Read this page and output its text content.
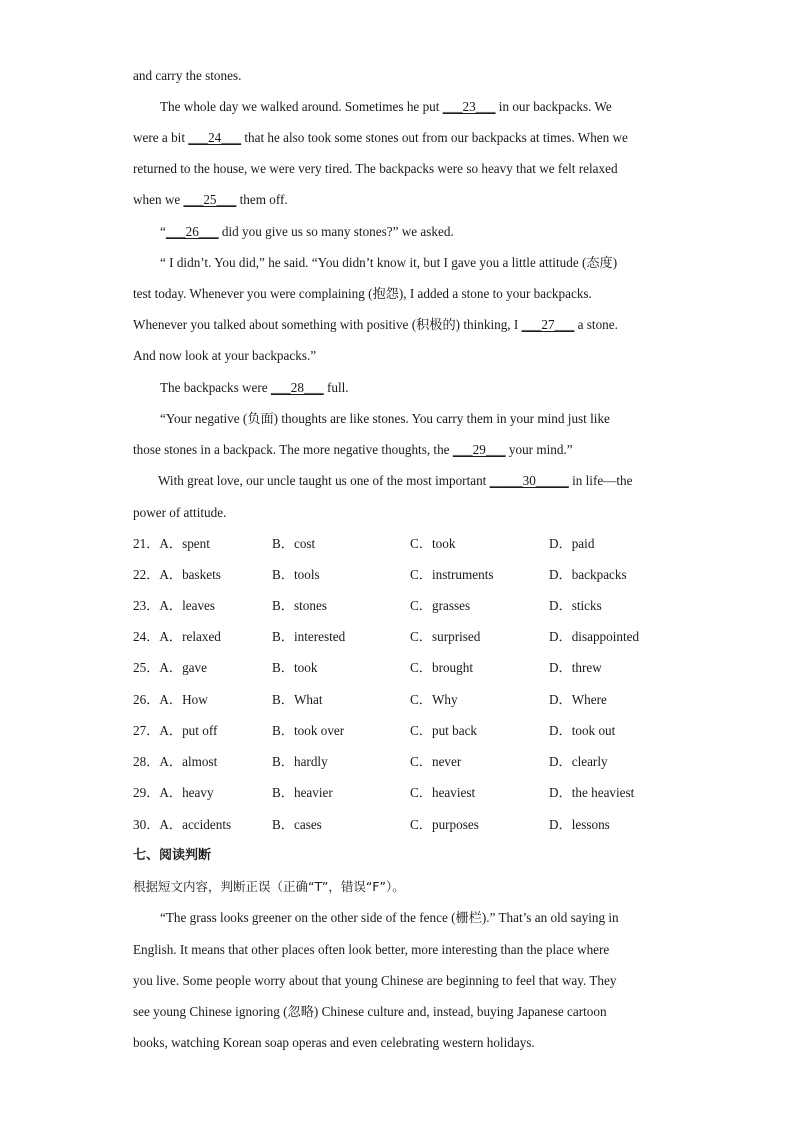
and carry the stones.
The whole day we walked around. Sometimes he put ___23___ in our backpacks. We
were a bit ___24___ that he also took some stones out from our backpacks at times. When we
returned to the house, we were very tired. The backpacks were so heavy that we felt relaxed
when we ___25___ them off.
“___26___ did you give us so many stones?” we asked.
“ I didn’t. You did,” he said. “You didn’t know it, but I gave you a little attitude (态度)
test today. Whenever you were complaining (抱怨), I added a stone to your backpacks.
Whenever you talked about something with positive (积极的) thinking, I ___27___ a stone.
And now look at your backpacks.”
The backpacks were ___28___ full.
“Your negative (负面) thoughts are like stones. You carry them in your mind just like
those stones in a backpack. The more negative thoughts, the ___29___ your mind.”
With great love, our uncle taught us one of the most important _____30_____ in life—the
power of attitude.
21．A．spent	B．cost	C．took	D．paid
22．A．baskets	B．tools	C．instruments	D．backpacks
23．A．leaves	B．stones	C．grasses	D．sticks
24．A．relaxed	B．interested	C．surprised	D．disappointed
25．A．gave	B．took	C．brought	D．threw
26．A．How	B．What	C．Why	D．Where
27．A．put off	B．took over	C．put back	D．took out
28．A．almost	B．hardly	C．never	D．clearly
29．A．heavy	B．heavier	C．heaviest	D．the heaviest
30．A．accidents	B．cases	C．purposes	D．lessons
七、阅读判断
根据短文内容，判断正误（正确“T”，错误“F”）。
“The grass looks greener on the other side of the fence (栅栏).” That’s an old saying in
English. It means that other places often look better, more interesting than the place where
you live. Some people worry about that young Chinese are beginning to feel that way. They
see young Chinese ignoring (忽略) Chinese culture and, instead, buying Japanese cartoon
books, watching Korean soap operas and even celebrating western holidays.
